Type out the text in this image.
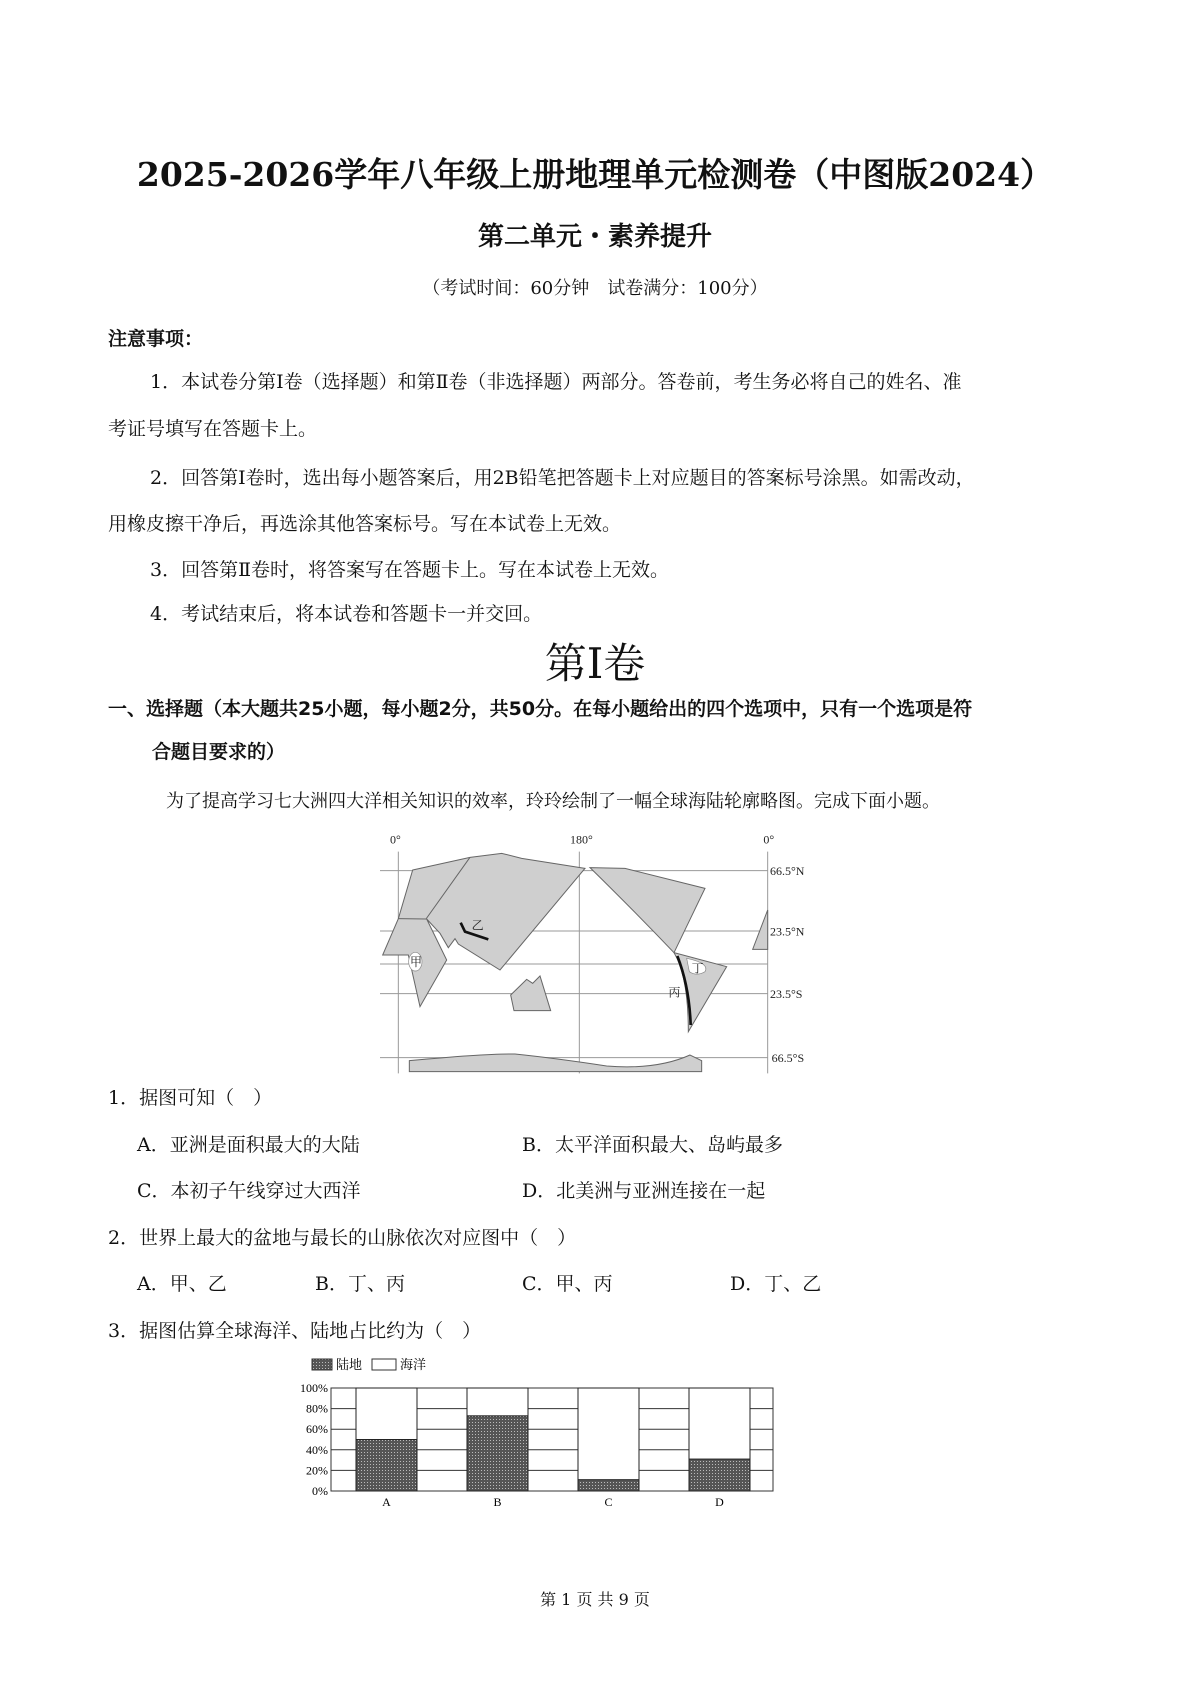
2025-2026学年八年级上册地理单元检测卷（中图版2024）
第二单元・素养提升
（考试时间：60分钟　试卷满分：100分）
注意事项：
1．本试卷分第Ⅰ卷（选择题）和第Ⅱ卷（非选择题）两部分。答卷前，考生务必将自己的姓名、准
考证号填写在答题卡上。
2．回答第Ⅰ卷时，选出每小题答案后，用2B铅笔把答题卡上对应题目的答案标号涂黑。如需改动，
用橡皮擦干净后，再选涂其他答案标号。写在本试卷上无效。
3．回答第Ⅱ卷时，将答案写在答题卡上。写在本试卷上无效。
4．考试结束后，将本试卷和答题卡一并交回。
第Ⅰ卷
一、选择题（本大题共25小题，每小题2分，共50分。在每小题给出的四个选项中，只有一个选项是符
合题目要求的）
为了提高学习七大洲四大洋相关知识的效率，玲玲绘制了一幅全球海陆轮廓略图。完成下面小题。
0°	180°	0°
66.5°N
23.5°N
23.5°S
66.5°S
甲
乙
丙
丁
1．据图可知（　）
A．亚洲是面积最大的大陆	B．太平洋面积最大、岛屿最多
C．本初子午线穿过大西洋	D．北美洲与亚洲连接在一起
2．世界上最大的盆地与最长的山脉依次对应图中（　）
A．甲、乙	B．丁、丙	C．甲、丙	D．丁、乙
3．据图估算全球海洋、陆地占比约为（　）
陆地	海洋
0%
20%
40%
60%
80%
100%
A	B	C	D
第 1 页 共 9 页
